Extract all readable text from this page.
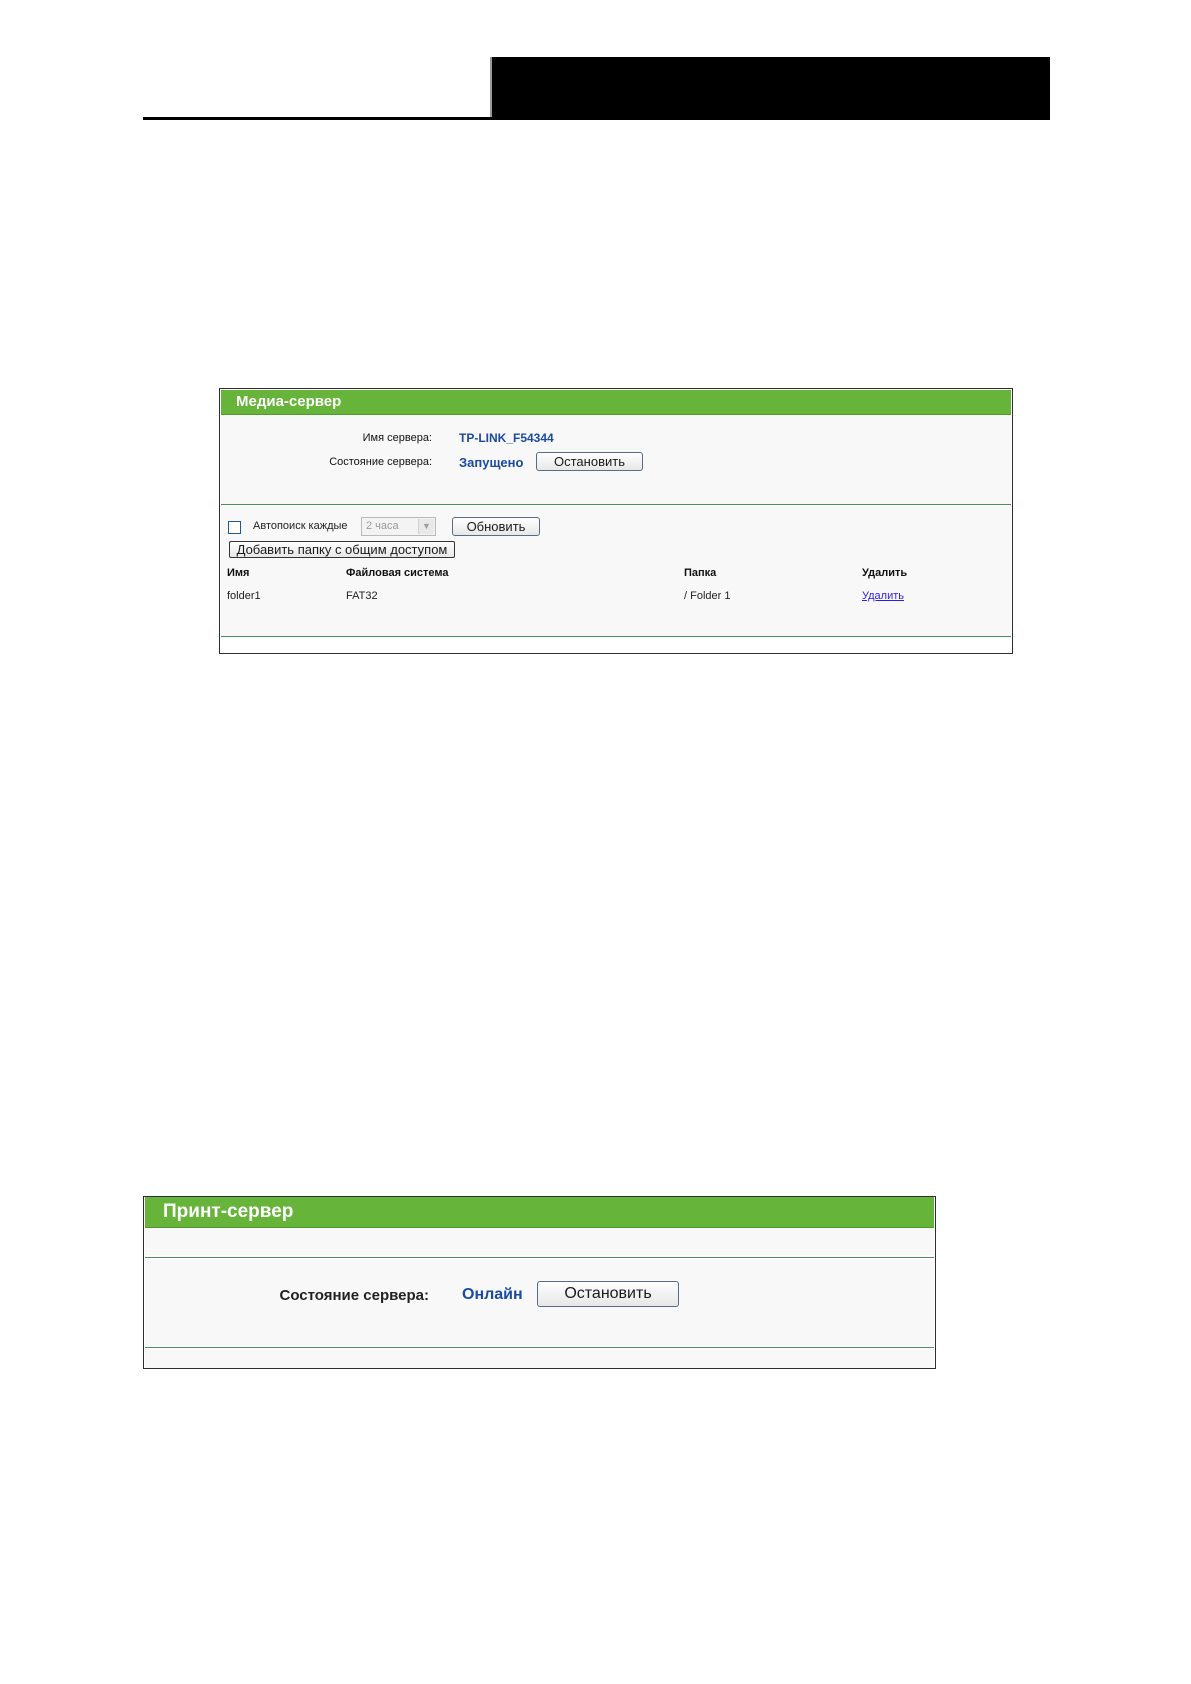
Медиа-сервер
Имя сервера: TP-LINK_F54344
Состояние сервера: Запущено	Остановить
Автопоиск каждые 2 часа	▼	Обновить
Добавить папку с общим доступом
Имя	Файловая система	Папка	Удалить
folder1	FAT32	/ Folder 1	Удалить
Принт-сервер
Состояние сервера: Онлайн	Остановить
